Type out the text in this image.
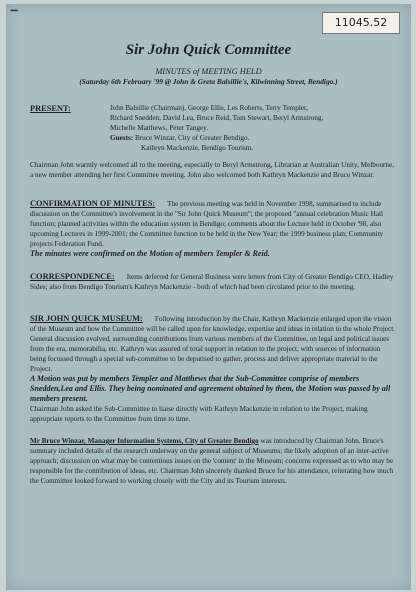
•••••
11045.52
Sir John Quick Committee
MINUTES of MEETING HELD
(Saturday 6th February '99 @ John & Greta Balsillie's, Kilwinning Street, Bendigo.)
PRESENT:	John Balsillie (Chairman), George Ellis, Les Roberts, Terry Templer,
Richard Snedden, David Lea, Bruce Reid, Tom Stewart, Beryl Armstrong,
Michelle Matthews, Peter Tangey.
Guests: Bruce Winzar, City of Greater Bendigo.
Kathryn Mackenzie, Bendigo Tourism.
Chairman John warmly welcomed all to the meeting, especially to Beryl Armstrong, Librarian at Australian Unity, Melbourne, a new member attending her first Committee meeting. John also welcomed both Kathryn Mackenzie and Bruce Winzar.
CONFIRMATION OF MINUTES: The previous meeting was held in November 1998, summarised to include discussion on the Committee's involvement in the "Sir John Quick Museum"; the proposed "annual celebration Music Hall function; planned activities within the education system in Bendigo; comments about the Lecture held in October '98, also upcoming Lectures in 1999-2001; the Committee function to be held in the New Year; the 1999 business plan; Community projects Federation Fund.
The minutes were confirmed on the Motion of members Templer & Reid.
CORRESPONDENCE: Items deferred for General Business were letters from City of Greater Bendigo CEO, Hadley Sides; also from Bendigo Tourism's Kathryn Mackenzie - both of which had been circulated prior to the meeting.
SIR JOHN QUICK MUSEUM: Following introduction by the Chair, Kathryn Mackenzie enlarged upon the vision of the Museum and how the Committee will be called upon for knowledge, expertise and ideas in relation to the whole Project. General discussion evolved, surrounding contributions from various members of the Committee, on legal and political issues from the era, memorabilia, etc. Kathryn was assured of total support in relation to the project, with sources of information being focussed through a special sub-committee to be deputised to gather, process and deliver appropriate material to the Project.
A Motion was put by members Templer and Matthews that the Sub-Committee comprise of members Snedden,Lea and Ellis. They being nominated and agreement obtained by them, the Motion was passed by all members present.
Chairman John asked the Sub-Committee to liaise directly with Kathryn Mackenzie in relation to the Project, making appropriate reports to the Committee from time to time.
Mr Bruce Winzar, Manager Information Systems, City of Greater Bendigo was introduced by Chairman John. Bruce's summary included details of the research underway on the general subject of Museums; the likely adoption of an inter-active approach; discussion on what may be contentious issues on the 'content' in the Museum; concerns expressed as to who may be responsible for the contribution of ideas, etc. Chairman John sincerely thanked Bruce for his attendance, reiterating how much the Committee looked forward to working closely with the City and its Tourism interests.
